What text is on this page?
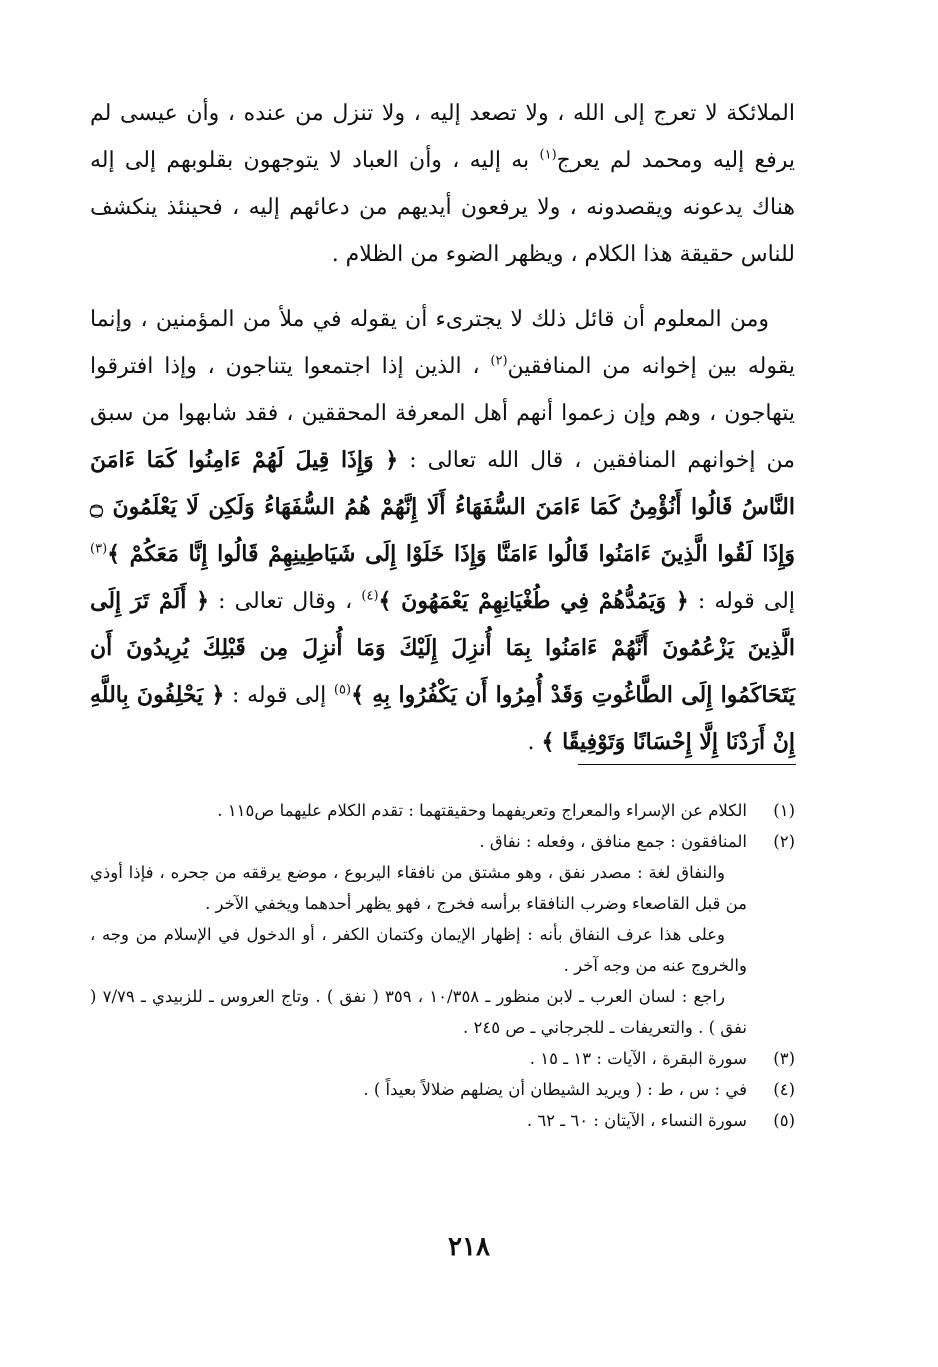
الملائكة لا تعرج إلى الله ، ولا تصعد إليه ، ولا تنزل من عنده ، وأن عيسى لم يرفع إليه ومحمد لم يعرج$^{(١)}$ به إليه ، وأن العباد لا يتوجهون بقلوبهم إلى إله هناك يدعونه ويقصدونه ، ولا يرفعون أيديهم من دعائهم إليه ، فحينئذ ينكشف للناس حقيقة هذا الكلام ، ويظهر الضوء من الظلام .

ومن المعلوم أن قائل ذلك لا يجترىء أن يقوله في ملأ من المؤمنين ، وإنما يقوله بين إخوانه من المنافقين$^{(٢)}$ ، الذين إذا اجتمعوا يتناجون ، وإذا افترقوا يتهاجون ، وهم وإن زعموا أنهم أهل المعرفة المحققين ، فقد شابهوا من سبق من إخوانهم المنافقين ، قال الله تعالى : ﴿ وَإِذَا قِيلَ لَهُمْ ءَامِنُوا كَمَا ءَامَنَ النَّاسُ قَالُوا أَنُؤْمِنُ كَمَا ءَامَنَ السُّفَهَاءُ أَلَا إِنَّهُمْ هُمُ السُّفَهَاءُ وَلَكِن لَا يَعْلَمُونَ ۝ وَإِذَا لَقُوا الَّذِينَ ءَامَنُوا قَالُوا ءَامَنَّا وَإِذَا خَلَوْا إِلَى شَيَاطِينِهِمْ قَالُوا إِنَّا مَعَكُمْ ﴾$^{(٣)}$ إلى قوله : ﴿ وَيَمُدُّهُمْ فِي طُغْيَانِهِمْ يَعْمَهُونَ ﴾$^{(٤)}$ ، وقال تعالى : ﴿ أَلَمْ تَرَ إِلَى الَّذِينَ يَزْعُمُونَ أَنَّهُمْ ءَامَنُوا بِمَا أُنزِلَ إِلَيْكَ وَمَا أُنزِلَ مِن قَبْلِكَ يُرِيدُونَ أَن يَتَحَاكَمُوا إِلَى الطَّاغُوتِ وَقَدْ أُمِرُوا أَن يَكْفُرُوا بِهِ ﴾$^{(٥)}$ إلى قوله : ﴿ يَحْلِفُونَ بِاللَّهِ إِنْ أَرَدْنَا إِلَّا إِحْسَانًا وَتَوْفِيقًا ﴾ .

(١)
الكلام عن الإسراء والمعراج وتعريفهما وحقيقتهما : تقدم الكلام عليهما ص١١٥ .
(٢)
المنافقون : جمع منافق ، وفعله : نفاق .
والنفاق لغة : مصدر نفق ، وهو مشتق من نافقاء اليربوع ، موضع يرققه من جحره ، فإذا أوذي من قبل القاصعاء وضرب النافقاء برأسه فخرج ، فهو يظهر أحدهما ويخفي الآخر .
وعلى هذا عرف النفاق بأنه : إظهار الإيمان وكتمان الكفر ، أو الدخول في الإسلام من وجه ، والخروج عنه من وجه آخر .
راجع : لسان العرب ـ لابن منظور ـ ١٠/٣٥٨ ، ٣٥٩ ( نفق ) . وتاج العروس ـ للزبيدي ـ ٧/٧٩ ( نفق ) . والتعريفات ـ للجرجاني ـ ص ٢٤٥ .
(٣)
سورة البقرة ، الآيات : ١٣ ـ ١٥ .
(٤)
في : س ، ط : ( ويريد الشيطان أن يضلهم ضلالاً بعيداً ) .
(٥)
سورة النساء ، الآيتان : ٦٠ ـ ٦٢ .
٢١٨
